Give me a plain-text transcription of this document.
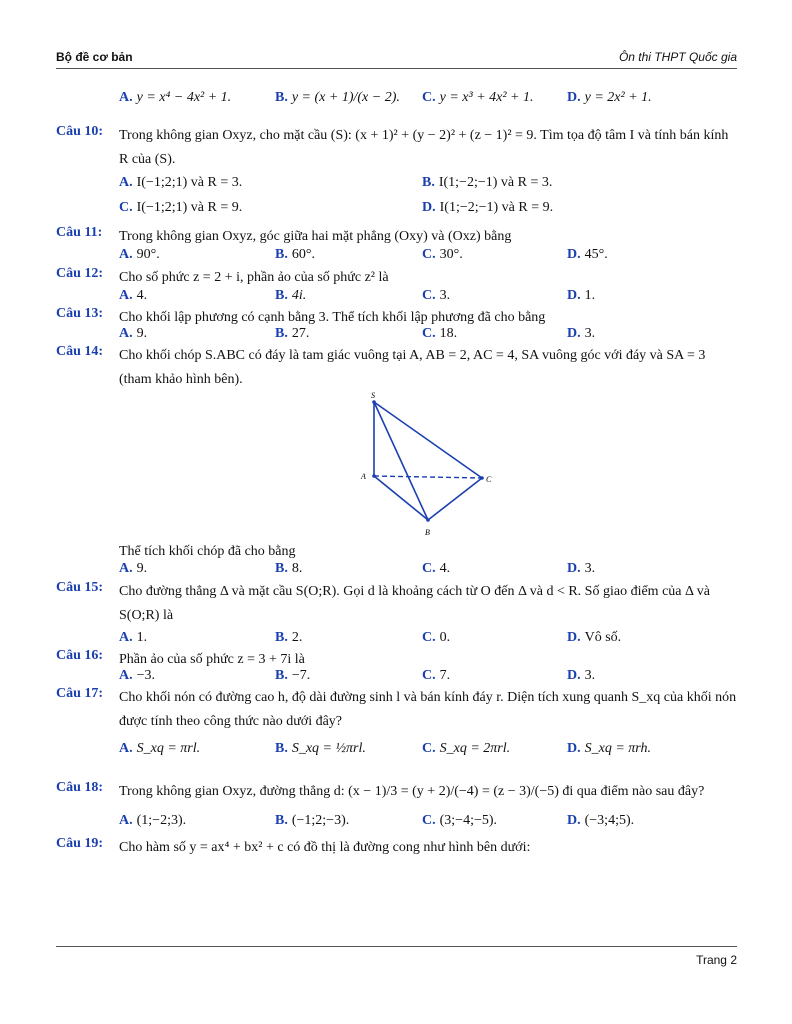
Bộ đề cơ bản	Ôn thi THPT Quốc gia
A. y = x⁴ − 4x² + 1.	B. y = (x + 1)/(x − 2). C. y = x³ + 4x² + 1. D. y = 2x² + 1.
Câu 10: Trong không gian Oxyz, cho mặt cầu (S): (x + 1)² + (y − 2)² + (z − 1)² = 9. Tìm tọa độ tâm I và tính bán kính R của (S).
A. I(−1;2;1) và R = 3.	B. I(1;−2;−1) và R = 3.
C. I(−1;2;1) và R = 9.	D. I(1;−2;−1) và R = 9.
Câu 11: Trong không gian Oxyz, góc giữa hai mặt phẳng (Oxy) và (Oxz) bằng
A. 90°.	B. 60°.	C. 30°.	D. 45°.
Câu 12: Cho số phức z = 2 + i, phần ảo của số phức z² là
A. 4.	B. 4i.	C. 3.	D. 1.
Câu 13: Cho khối lập phương có cạnh bằng 3. Thể tích khối lập phương đã cho bằng
A. 9.	B. 27.	C. 18.	D. 3.
Câu 14: Cho khối chóp S.ABC có đáy là tam giác vuông tại A, AB = 2, AC = 4, SA vuông góc với đáy và SA = 3 (tham khảo hình bên).
S
A
B
C
Thể tích khối chóp đã cho bằng
A. 9.	B. 8.	C. 4.	D. 3.
Câu 15: Cho đường thẳng Δ và mặt cầu S(O;R). Gọi d là khoảng cách từ O đến Δ và d < R. Số giao điểm của Δ và S(O;R) là
A. 1.	B. 2.	C. 0.	D. Vô số.
Câu 16: Phần ảo của số phức z = 3 + 7i là
A. −3.	B. −7.	C. 7.	D. 3.
Câu 17: Cho khối nón có đường cao h, độ dài đường sinh l và bán kính đáy r. Diện tích xung quanh S_xq của khối nón được tính theo công thức nào dưới đây?
A. S_xq = πrl.	B. S_xq = ½πrl.	C. S_xq = 2πrl.	D. S_xq = πrh.
Câu 18: Trong không gian Oxyz, đường thẳng d: (x − 1)/3 = (y + 2)/(−4) = (z − 3)/(−5) đi qua điểm nào sau đây?
A. (1;−2;3).	B. (−1;2;−3).	C. (3;−4;−5).	D. (−3;4;5).
Câu 19: Cho hàm số y = ax⁴ + bx² + c có đồ thị là đường cong như hình bên dưới:
Trang 2
